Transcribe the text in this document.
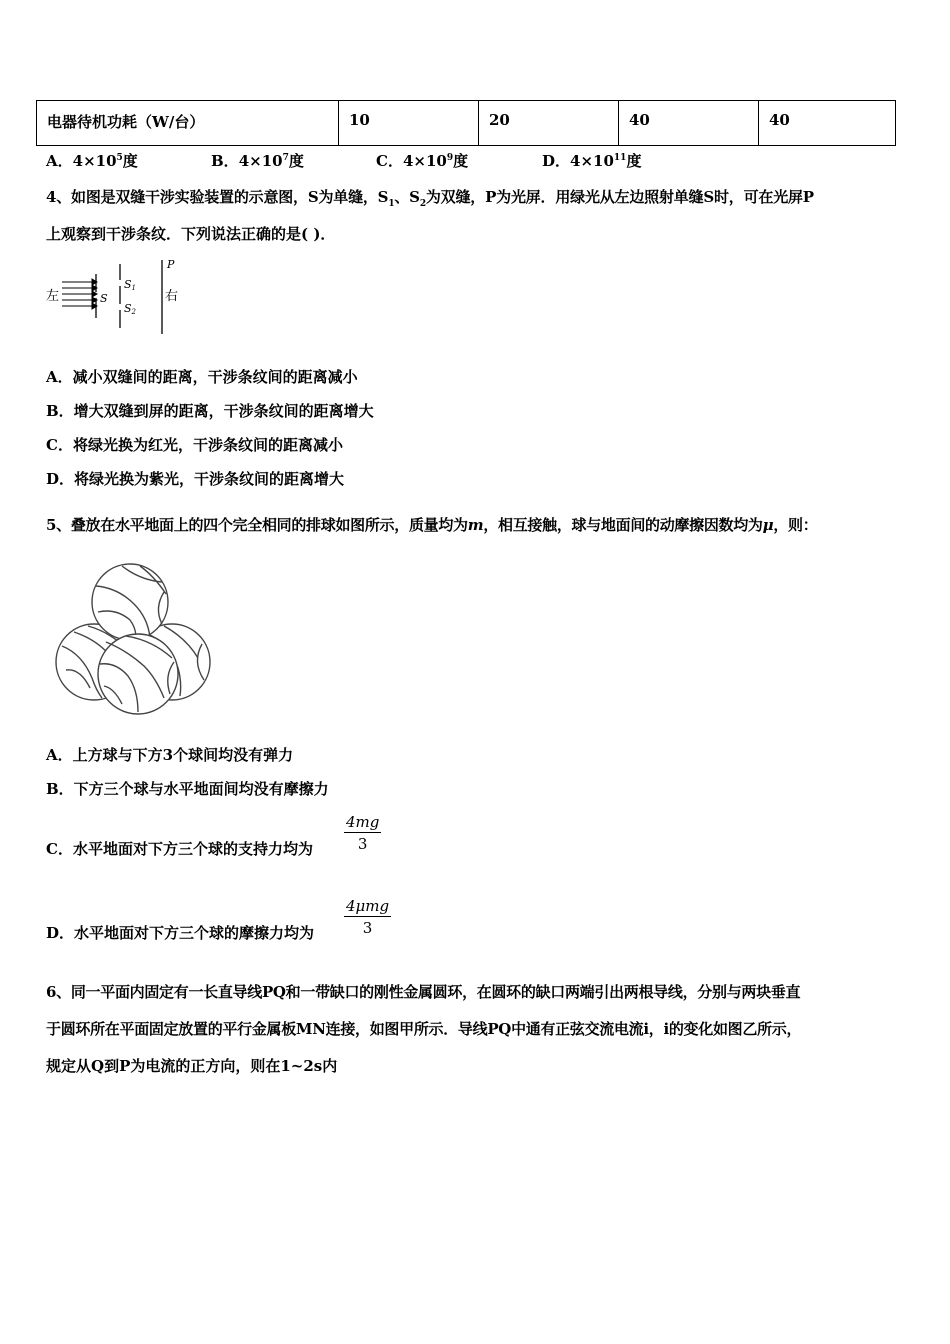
电器待机功耗（W/台）	10	20	40	40
A．$4\times 10^5$度	B．$4\times 10^7$度	C．$4\times 10^9$度	D．$4\times 10^{11}$度
4、如图是双缝干涉实验装置的示意图，S为单缝，$S_1$、$S_2$为双缝，P为光屏．用绿光从左边照射单缝S时，可在光屏P
上观察到干涉条纹．下列说法正确的是( )．
左	S
S1
S2
P
右
A．减小双缝间的距离，干涉条纹间的距离减小
B．增大双缝到屏的距离，干涉条纹间的距离增大
C．将绿光换为红光，干涉条纹间的距离减小
D．将绿光换为紫光，干涉条纹间的距离增大
5、叠放在水平地面上的四个完全相同的排球如图所示，质量均为m，相互接触，球与地面间的动摩擦因数均为μ，则：
A．上方球与下方3个球间均没有弹力
B．下方三个球与水平地面间均没有摩擦力
C．水平地面对下方三个球的支持力均为 $\frac{4mg}{3}$
D．水平地面对下方三个球的摩擦力均为
4μmg
3
6、同一平面内固定有一长直导线PQ和一带缺口的刚性金属圆环，在圆环的缺口两端引出两根导线，分别与两块垂直
于圆环所在平面固定放置的平行金属板MN连接，如图甲所示．导线PQ中通有正弦交流电流i，i的变化如图乙所示，
规定从Q到P为电流的正方向，则在1~2s内
